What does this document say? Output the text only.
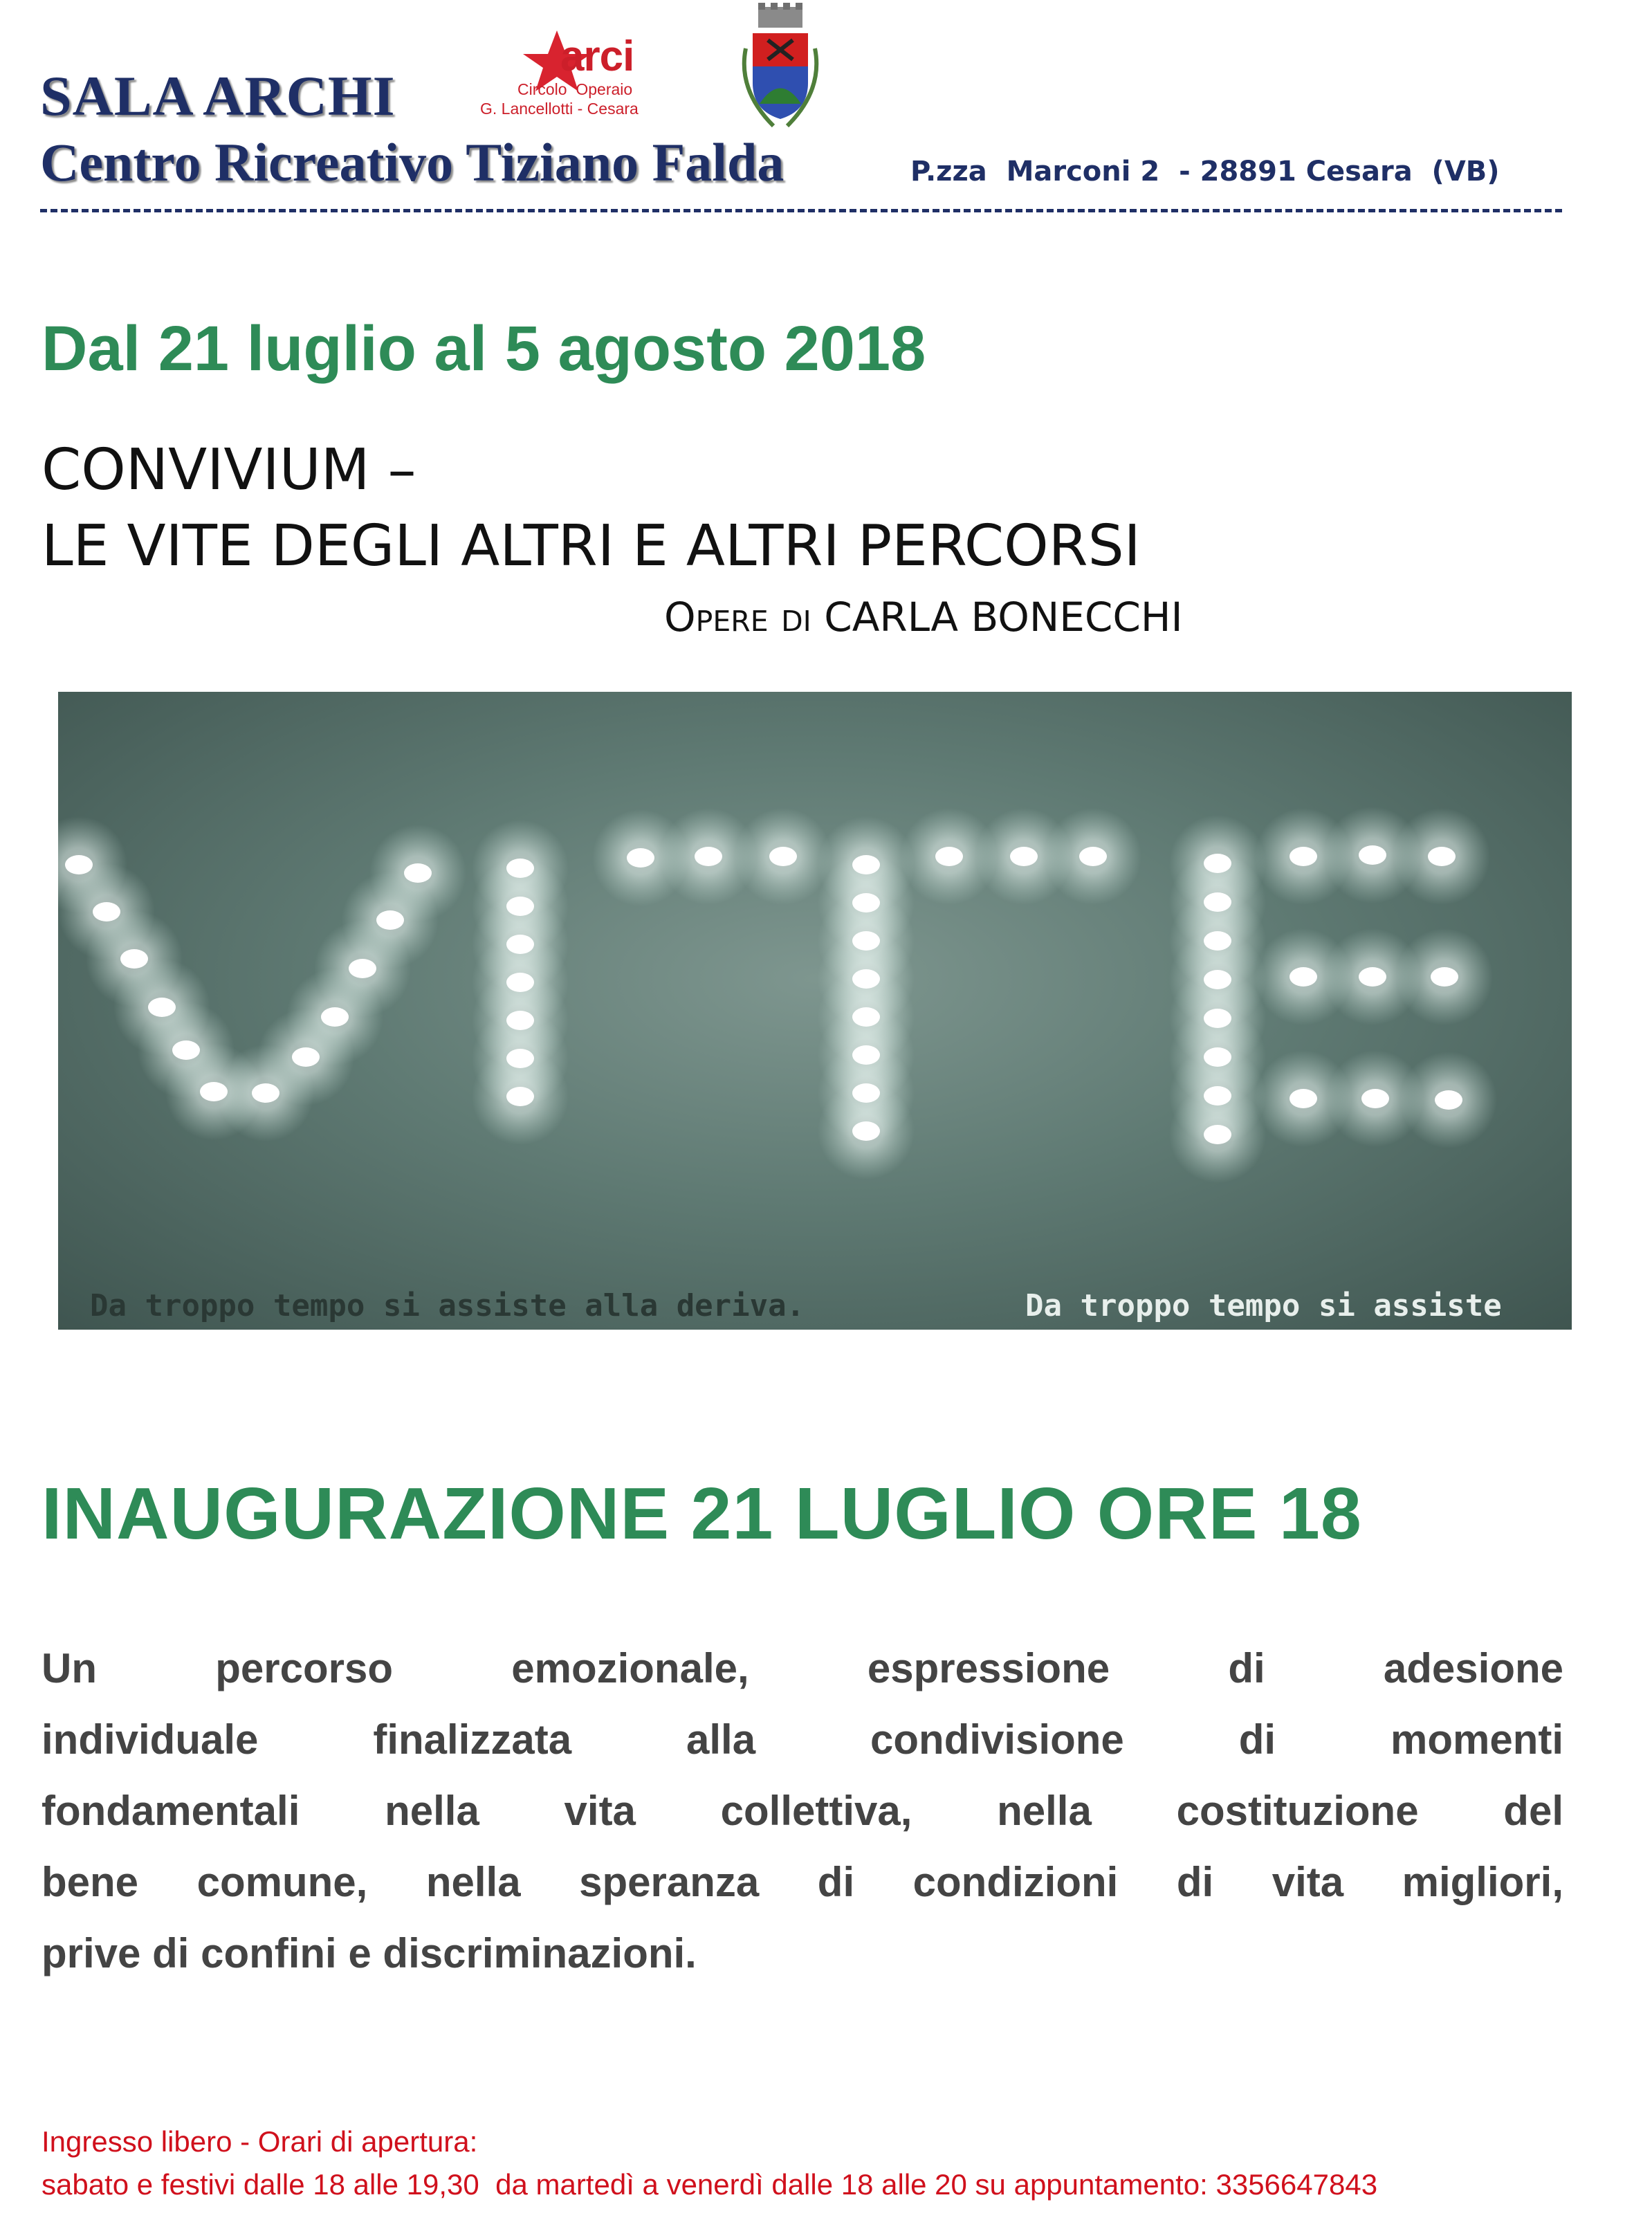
SALA ARCHI
Centro Ricreativo Tiziano Falda	P.zza  Marconi 2  - 28891 Cesara  (VB)
arci
Circolo  Operaio
G. Lancellotti - Cesara
Dal 21 luglio al 5 agosto 2018
CONVIVIUM –
LE VITE DEGLI ALTRI E ALTRI PERCORSI
Opere di CARLA BONECCHI
Da troppo tempo si assiste alla deriva.	Da troppo tempo si assiste
INAUGURAZIONE 21 LUGLIO ORE 18
Un percorso emozionale, espressione di adesione
individuale finalizzata alla condivisione di momenti
fondamentali nella vita collettiva, nella costituzione del
bene comune, nella speranza di condizioni di vita migliori,
prive di confini e discriminazioni.
Ingresso libero - Orari di apertura:
sabato e festivi dalle 18 alle 19,30  da martedì a venerdì dalle 18 alle 20 su appuntamento: 3356647843
